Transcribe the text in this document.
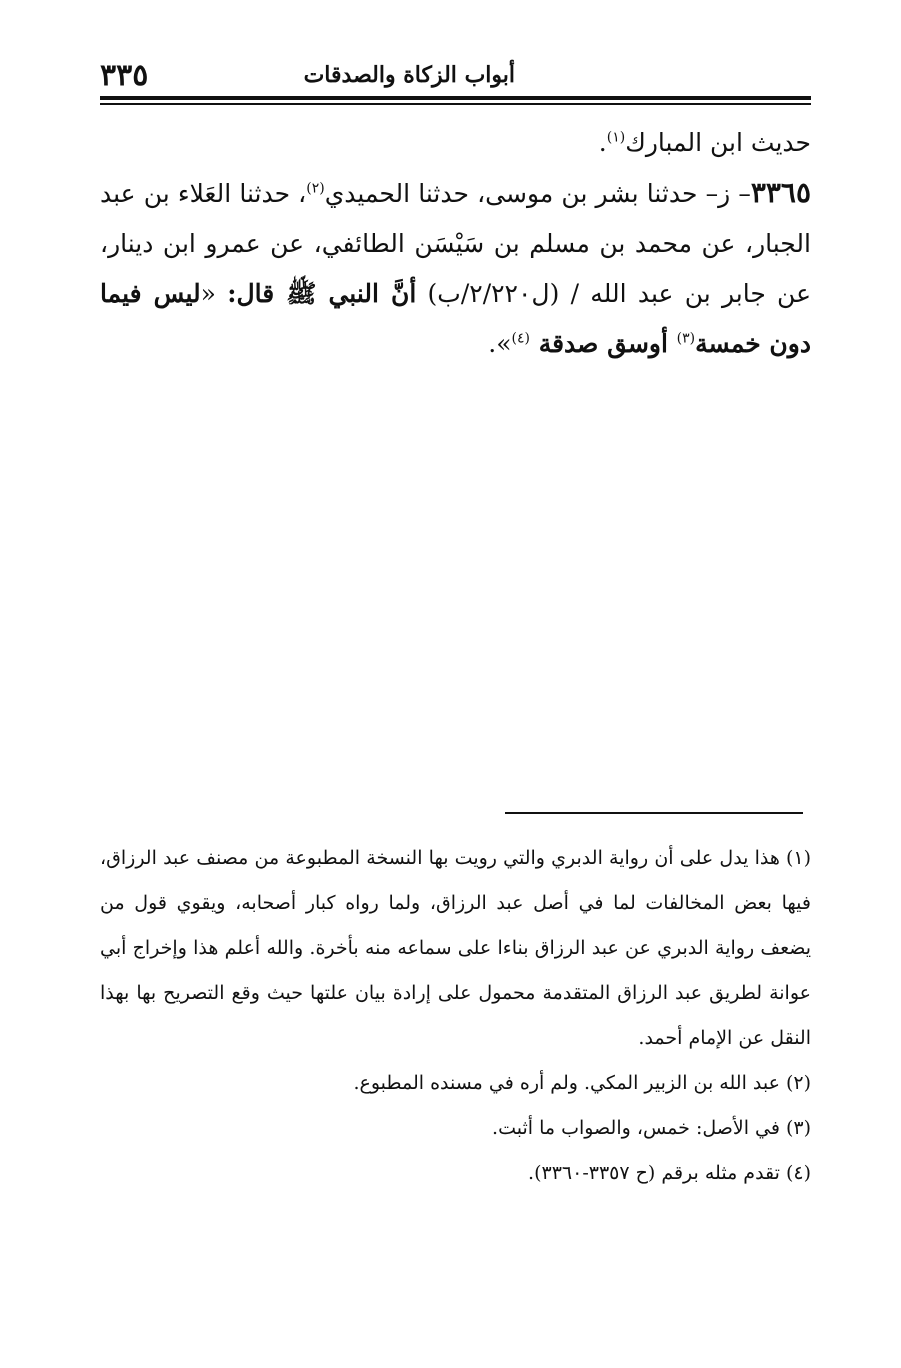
أبواب الزكاة والصدقات
٣٣٥

حديث ابن المبارك$^{(١)}$.

٣٣٦٥– ز– حدثنا بشر بن موسى، حدثنا الحميدي$^{(٢)}$، حدثنا العَلاء بن عبد الجبار، عن محمد بن مسلم بن سَيْسَن الطائفي، عن عمرو ابن دينار، عن جابر بن عبد الله / (ل٢/٢٢٠/ب) أنَّ النبي ﷺ قال: «ليس فيما دون خمسة$^{(٣)}$ أوسق صدقة $^{(٤)}$».

(١)هذا يدل على أن رواية الدبري والتي رويت بها النسخة المطبوعة من مصنف عبد الرزاق، فيها بعض المخالفات لما في أصل عبد الرزاق، ولما رواه كبار أصحابه، ويقوي قول من يضعف رواية الدبري عن عبد الرزاق بناءا على سماعه منه بأخرة. والله أعلم هذا وإخراج أبي عوانة لطريق عبد الرزاق المتقدمة محمول على إرادة بيان علتها حيث وقع التصريح بها بهذا النقل عن الإمام أحمد.

(٢)عبد الله بن الزبير المكي. ولم أره في مسنده المطبوع.

(٣)في الأصل: خمس، والصواب ما أثبت.

(٤)تقدم مثله برقم (ح ٣٣٥٧-٣٣٦٠).
